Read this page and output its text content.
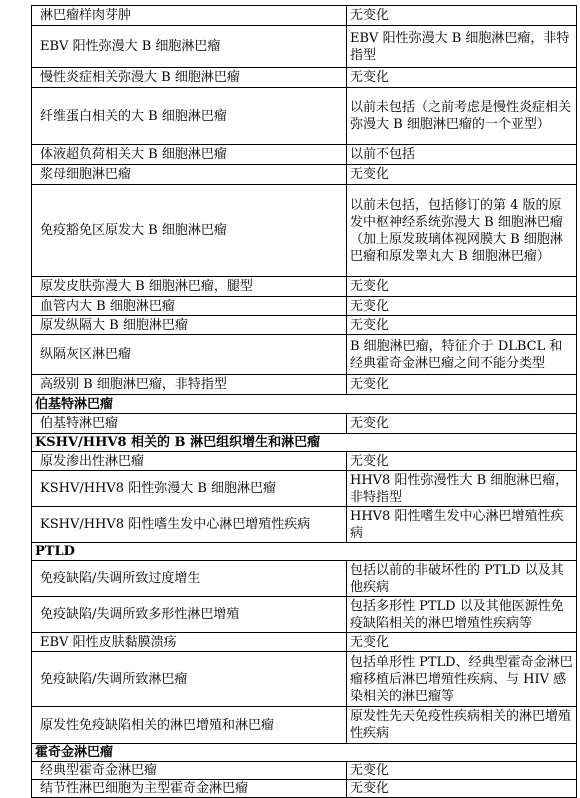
淋巴瘤样肉芽肿	无变化
EBV 阳性弥漫大 B 细胞淋巴瘤	EBV 阳性弥漫大 B 细胞淋巴瘤，非特指型
慢性炎症相关弥漫大 B 细胞淋巴瘤	无变化
纤维蛋白相关的大 B 细胞淋巴瘤	以前未包括（之前考虑是慢性炎症相关弥漫大 B 细胞淋巴瘤的一个亚型）
体液超负荷相关大 B 细胞淋巴瘤	以前不包括
浆母细胞淋巴瘤	无变化
免疫豁免区原发大 B 细胞淋巴瘤	以前未包括，包括修订的第 4 版的原发中枢神经系统弥漫大 B 细胞淋巴瘤（加上原发玻璃体视网膜大 B 细胞淋巴瘤和原发睾丸大 B 细胞淋巴瘤）
原发皮肤弥漫大 B 细胞淋巴瘤，腿型	无变化
血管内大 B 细胞淋巴瘤	无变化
原发纵隔大 B 细胞淋巴瘤	无变化
纵隔灰区淋巴瘤	B 细胞淋巴瘤，特征介于 DLBCL 和经典霍奇金淋巴瘤之间不能分类型
高级别 B 细胞淋巴瘤，非特指型	无变化
伯基特淋巴瘤	
伯基特淋巴瘤	无变化
KSHV/HHV8 相关的 B 淋巴组织增生和淋巴瘤	
原发渗出性淋巴瘤	无变化
KSHV/HHV8 阳性弥漫大 B 细胞淋巴瘤	HHV8 阳性弥漫性大 B 细胞淋巴瘤，非特指型
KSHV/HHV8 阳性嗜生发中心淋巴增殖性疾病	HHV8 阳性嗜生发中心淋巴增殖性疾病
PTLD	
免疫缺陷/失调所致过度增生	包括以前的非破坏性的 PTLD 以及其他疾病
免疫缺陷/失调所致多形性淋巴增殖	包括多形性 PTLD 以及其他医源性免疫缺陷相关的淋巴增殖性疾病等
EBV 阳性皮肤黏膜溃疡	无变化
免疫缺陷/失调所致淋巴瘤	包括单形性 PTLD、经典型霍奇金淋巴瘤移植后淋巴增殖性疾病、与 HIV 感染相关的淋巴瘤等
原发性免疫缺陷相关的淋巴增殖和淋巴瘤	原发性先天免疫性疾病相关的淋巴增殖性疾病
霍奇金淋巴瘤	
经典型霍奇金淋巴瘤	无变化
结节性淋巴细胞为主型霍奇金淋巴瘤	无变化
